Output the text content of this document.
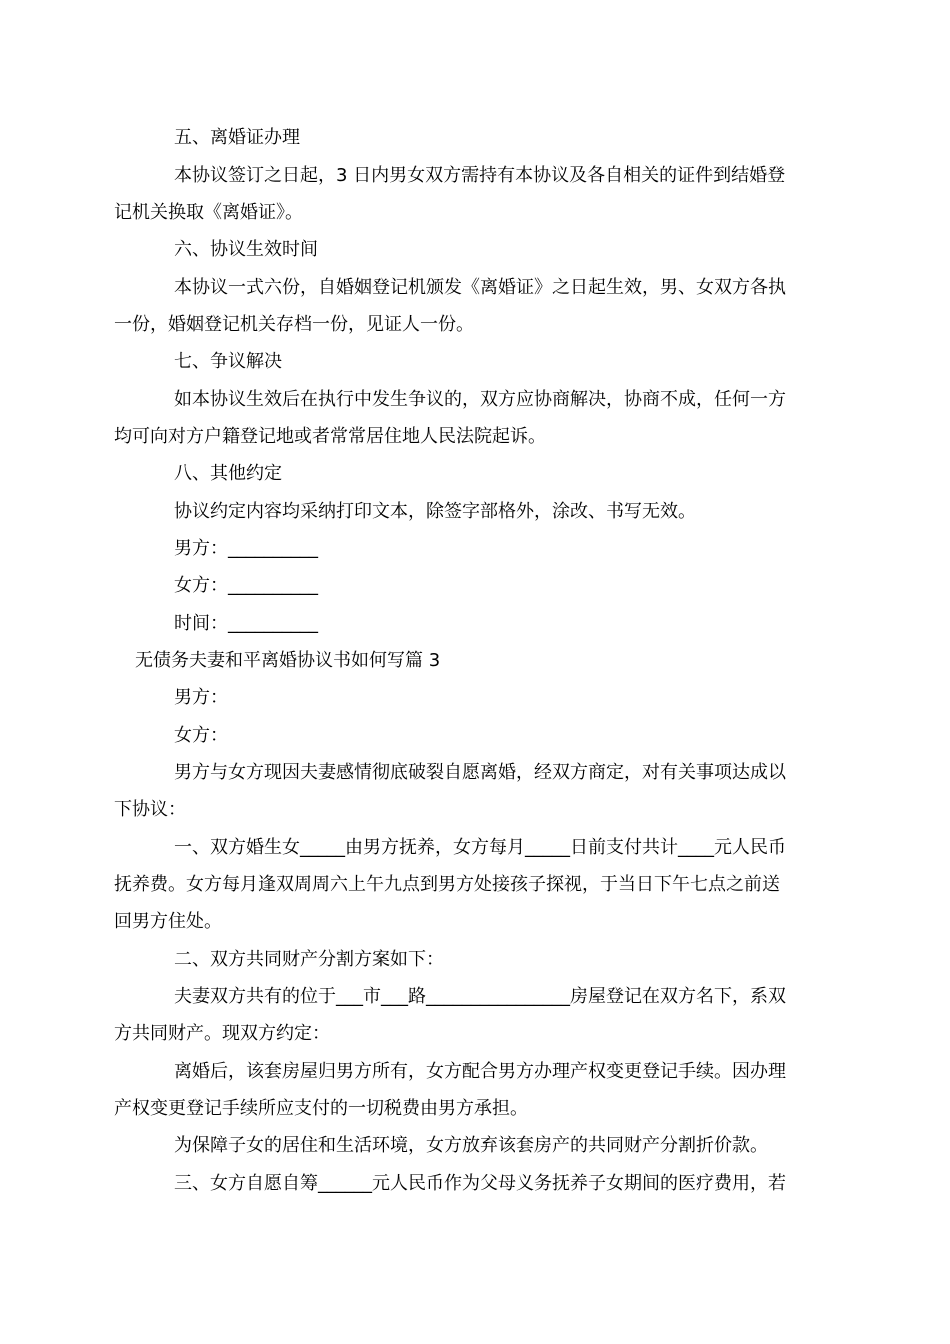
五、离婚证办理
本协议签订之日起，3 日内男女双方需持有本协议及各自相关的证件到结婚登
记机关换取《离婚证》。
六、协议生效时间
本协议一式六份，自婚姻登记机颁发《离婚证》之日起生效，男、女双方各执
一份，婚姻登记机关存档一份，见证人一份。
七、争议解决
如本协议生效后在执行中发生争议的，双方应协商解决，协商不成，任何一方
均可向对方户籍登记地或者常常居住地人民法院起诉。
八、其他约定
协议约定内容均采纳打印文本，除签字部格外，涂改、书写无效。
男方：__________
女方：__________
时间：__________
无债务夫妻和平离婚协议书如何写篇 3
男方：
女方：
男方与女方现因夫妻感情彻底破裂自愿离婚，经双方商定，对有关事项达成以
下协议：
一、双方婚生女_____由男方抚养，女方每月_____日前支付共计____元人民币
抚养费。女方每月逢双周周六上午九点到男方处接孩子探视，于当日下午七点之前送
回男方住处。
二、双方共同财产分割方案如下：
夫妻双方共有的位于___市___路________________房屋登记在双方名下，系双
方共同财产。现双方约定：
离婚后，该套房屋归男方所有，女方配合男方办理产权变更登记手续。因办理
产权变更登记手续所应支付的一切税费由男方承担。
为保障子女的居住和生活环境，女方放弃该套房产的共同财产分割折价款。
三、女方自愿自筹______元人民币作为父母义务抚养子女期间的医疗费用，若
